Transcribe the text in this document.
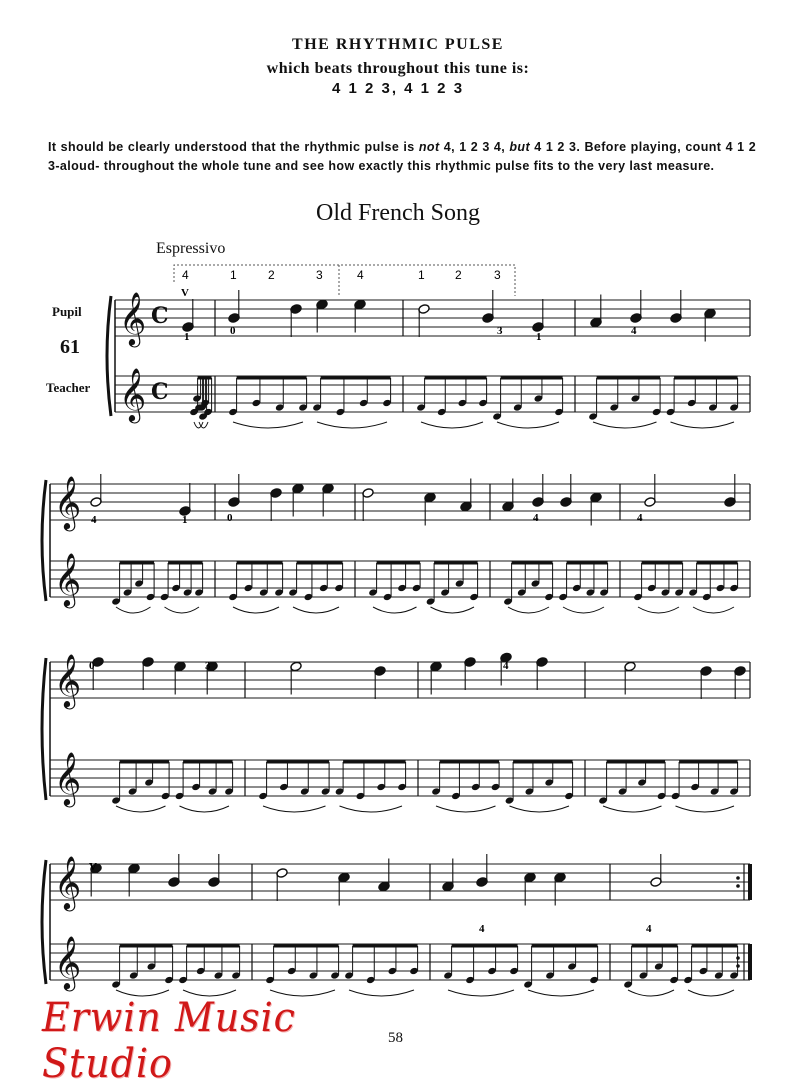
THE RHYTHMIC PULSE
which beats throughout this tune is:
4 1 2 3, 4 1 2 3
It should be clearly understood that the rhythmic pulse is not 4, 1 2 3 4, but 4 1 2 3. Before playing, count 4 1 2 3-aloud- throughout the whole tune and see how exactly this rhythmic pulse fits to the very last measure.
Old French Song
Espressivo
Pupil
61
Teacher
𝄞 C
𝄞 C
𝄞
𝄞
𝄞
𝄞
𝄞
𝄞
4	1	2	3	4	1	2	3
V
1	0	3	1	4
4	1	0	4	4
0	3	4
V
4	4
58
Erwin Music Studio
